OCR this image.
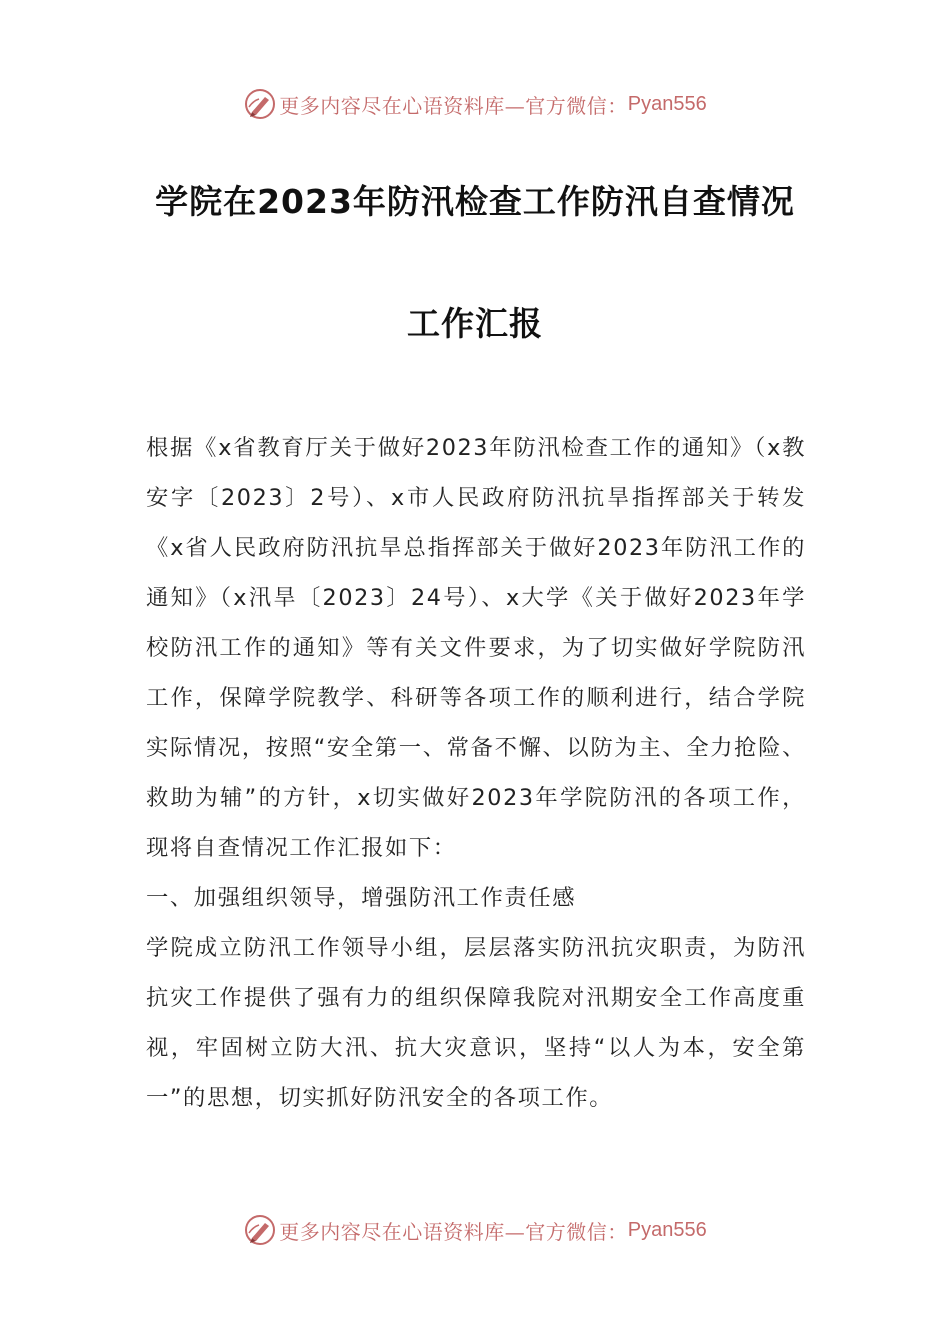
更多内容尽在心语资料库—官方微信： Pyan556
学院在2023年防汛检查工作防汛自查情况
工作汇报

根据《x省教育厅关于做好2023年防汛检查工作的通知》（x教安字〔2023〕2号）、x市人民政府防汛抗旱指挥部关于转发《x省人民政府防汛抗旱总指挥部关于做好2023年防汛工作的通知》（x汛旱〔2023〕24号）、x大学《关于做好2023年学校防汛工作的通知》等有关文件要求，为了切实做好学院防汛工作，保障学院教学、科研等各项工作的顺利进行，结合学院实际情况，按照“安全第一、常备不懈、以防为主、全力抢险、救助为辅”的方针，x切实做好2023年学院防汛的各项工作，现将自查情况工作汇报如下：

一、加强组织领导，增强防汛工作责任感

学院成立防汛工作领导小组，层层落实防汛抗灾职责，为防汛抗灾工作提供了强有力的组织保障我院对汛期安全工作高度重视，牢固树立防大汛、抗大灾意识，坚持“以人为本，安全第一”的思想，切实抓好防汛安全的各项工作。

更多内容尽在心语资料库—官方微信： Pyan556
